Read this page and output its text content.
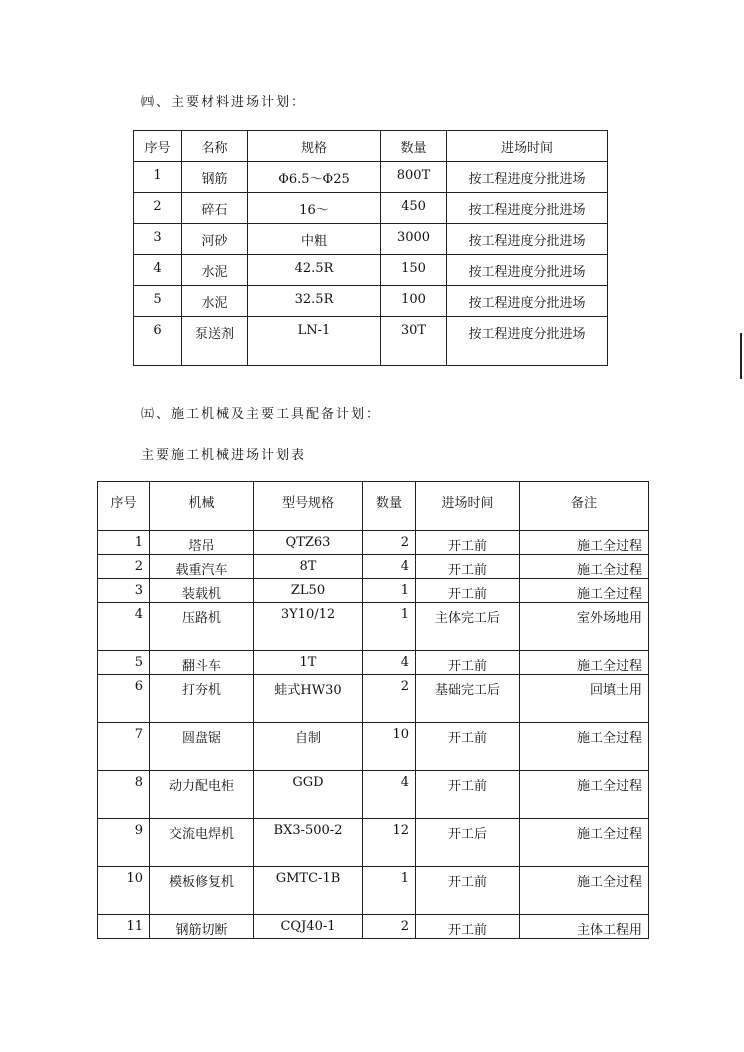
㈣、主要材料进场计划：
序号	名称	规格	数量	进场时间
1	钢筋	Φ6.5～Φ25	800T	按工程进度分批进场
2	碎石	16～	450	按工程进度分批进场
3	河砂	中粗	3000	按工程进度分批进场
4	水泥	42.5R	150	按工程进度分批进场
5	水泥	32.5R	100	按工程进度分批进场
6	泵送剂	LN-1	30T	按工程进度分批进场
㈤、施工机械及主要工具配备计划：
主要施工机械进场计划表
序号	机械	型号规格	数量	进场时间	备注
1	塔吊	QTZ63	2	开工前	施工全过程
2	载重汽车	8T	4	开工前	施工全过程
3	装载机	ZL50	1	开工前	施工全过程
4	压路机	3Y10/12	1	主体完工后	室外场地用
5	翻斗车	1T	4	开工前	施工全过程
6	打夯机	蛙式HW30	2	基础完工后	回填土用
7	圆盘锯	自制	10	开工前	施工全过程
8	动力配电柜	GGD	4	开工前	施工全过程
9	交流电焊机	BX3-500-2	12	开工后	施工全过程
10	模板修复机	GMTC-1B	1	开工前	施工全过程
11	钢筋切断	CQJ40-1	2	开工前	主体工程用
